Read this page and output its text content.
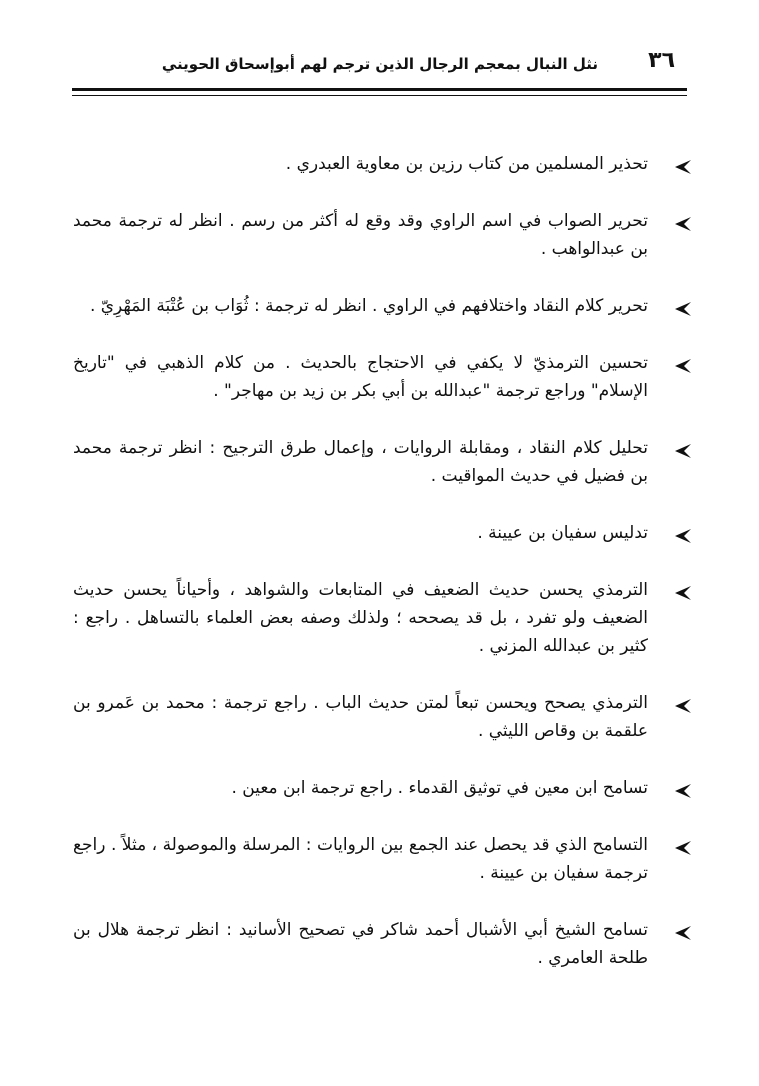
٣٦
نثل النبال بمعجم الرجال الذين ترجم لهم أبوإسحاق الحويني
تحذير المسلمين من كتاب رزين بن معاوية العبدري .
تحرير الصواب في اسم الراوي وقد وقع له أكثر من رسم . انظر له ترجمة محمد بن عبدالواهب .
تحرير كلام النقاد واختلافهم في الراوي . انظر له ترجمة : ثُوَاب بن عُتْبَة المَهْرِيّ .
تحسين الترمذيّ لا يكفي في الاحتجاج بالحديث . من كلام الذهبي في "تاريخ الإسلام" وراجع ترجمة "عبدالله بن أبي بكر بن زيد بن مهاجر" .
تحليل كلام النقاد ، ومقابلة الروايات ، وإعمال طرق الترجيح : انظر ترجمة محمد بن فضيل في حديث المواقيت .
تدليس سفيان بن عيينة .
الترمذي يحسن حديث الضعيف في المتابعات والشواهد ، وأحياناً يحسن حديث الضعيف ولو تفرد ، بل قد يصححه ؛ ولذلك وصفه بعض العلماء بالتساهل . راجع : كثير بن عبدالله المزني .
الترمذي يصحح ويحسن تبعاً لمتن حديث الباب . راجع ترجمة : محمد بن عَمرو بن علقمة بن وقاص الليثي .
تسامح ابن معين في توثيق القدماء . راجع ترجمة ابن معين .
التسامح الذي قد يحصل عند الجمع بين الروايات : المرسلة والموصولة ، مثلاً . راجع ترجمة سفيان بن عيينة .
تسامح الشيخ أبي الأشبال أحمد شاكر في تصحيح الأسانيد : انظر ترجمة هلال بن طلحة العامري .
